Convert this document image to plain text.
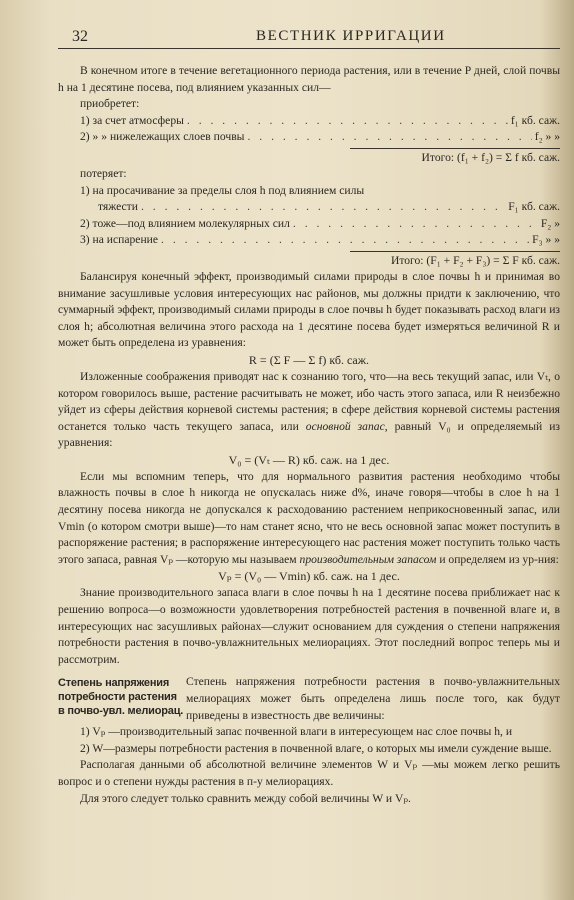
32	ВЕСТНИК ИРРИГАЦИИ

В конечном итоге в течение вегетационного периода растения, или в течение P дней, слой почвы h на 1 десятине посева, под влиянием указанных сил—

приобретет:

1) за счет атмосферы . . .	f₁ кб. саж.
2) » » нижележащих слоев почвы . . .	f₂ » »
Итого: (f₁ + f₂) = Σ f кб. саж.

потеряет:

1) на просачивание за пределы слоя h под влиянием силы

тяжести . . .	F₁ кб. саж.
2) тоже—под влиянием молекулярных сил . . .	F₂ »
3) на испарение . . .	F₃ » »
Итого: (F₁ + F₂ + F₃) = Σ F кб. саж.

Балансируя конечный эффект, производимый силами природы в слое почвы h и принимая во внимание засушливые условия интересующих нас районов, мы должны придти к заключению, что суммарный эффект, производимый силами природы в слое почвы h будет показывать расход влаги из слоя h; абсолютная величина этого расхода на 1 десятине посева будет измеряться величиной R и может быть определена из уравнения:

R = (Σ F — Σ f) кб. саж.

Изложенные соображения приводят нас к сознанию того, что—на весь текущий запас, или Vₜ, о котором говорилось выше, растение расчитывать не может, ибо часть этого запаса, или R неизбежно уйдет из сферы действия корневой системы растения; в сфере действия корневой системы растения останется только часть текущего запаса, или основной запас, равный V₀ и определяемый из уравнения:

V₀ = (Vₜ — R) кб. саж. на 1 дес.

Если мы вспомним теперь, что для нормального развития растения необходимо чтобы влажность почвы в слое h никогда не опускалась ниже d%, иначе говоря—чтобы в слое h на 1 десятину посева никогда не допускался к расходованию растением неприкосновенный запас, или Vmin (о котором смотри выше)—то нам станет ясно, что не весь основной запас может поступить в распоряжение растения; в распоряжение интересующего нас растения может поступить только часть этого запаса, равная Vₚ —которую мы называем производительным запасом и определяем из ур-ния:

Vₚ = (V₀ — Vmin) кб. саж. на 1 дес.

Знание производительного запаса влаги в слое почвы h на 1 десятине посева приближает нас к решению вопроса—о возможности удовлетворения потребностей растения в почвенной влаге и, в интересующих нас засушливых районах—служит основанием для суждения о степени напряжения потребности растения в почво-увлажнительных мелиорациях. Этот последний вопрос теперь мы и рассмотрим.

Степень напряжения
потребности растения
в почво-увл. мелиорац.

Степень напряжения потребности растения в почво-увлажнительных мелиорациях может быть определена лишь после того, как будут приведены в известность две величины:

1) Vₚ —производительный запас почвенной влаги в интересующем нас слое почвы h, и

2) W—размеры потребности растения в почвенной влаге, о которых мы имели суждение выше.

Располагая данными об абсолютной величине элементов W и Vₚ —мы можем легко решить вопрос и о степени нужды растения в п-у мелиорациях.

Для этого следует только сравнить между собой величины W и Vₚ.
